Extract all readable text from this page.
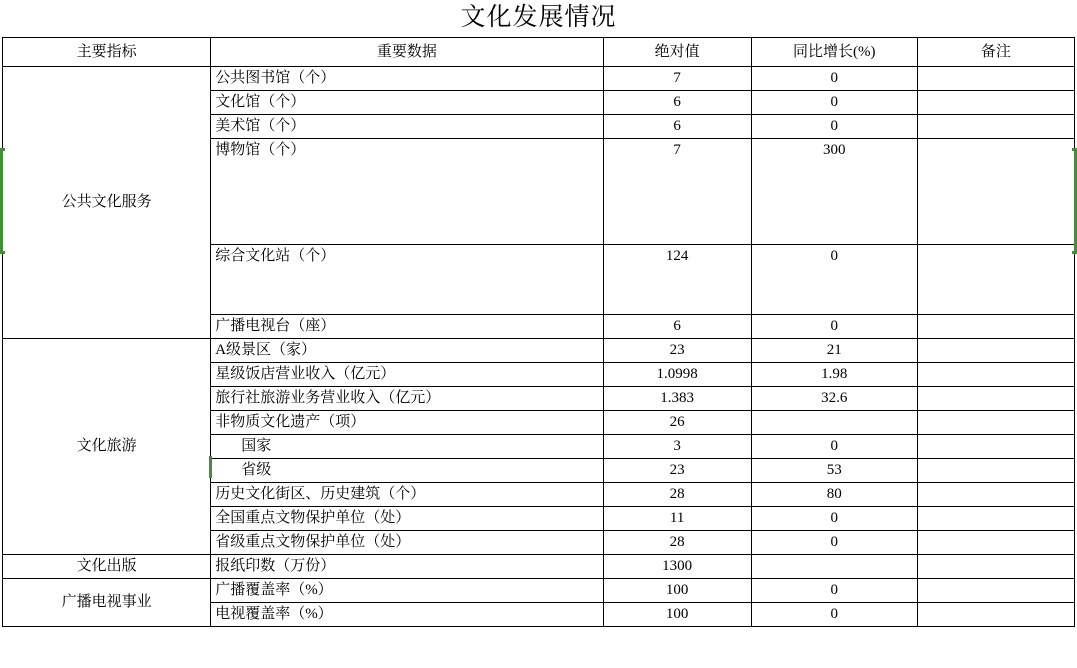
文化发展情况
主要指标	重要数据	绝对值	同比增长(%)	备注
公共文化服务	公共图书馆（个）	7	0	
	文化馆（个）	6	0	
	美术馆（个）	6	0	
	博物馆（个）	7	300	
	综合文化站（个）	124	0	
	广播电视台（座）	6	0	
文化旅游	A级景区（家）	23	21	
	星级饭店营业收入（亿元）	1.0998	1.98	
	旅行社旅游业务营业收入（亿元）	1.383	32.6	
	非物质文化遗产（项）	26		
	国家	3	0	
	省级	23	53	
	历史文化街区、历史建筑（个）	28	80	
	全国重点文物保护单位（处）	11	0	
	省级重点文物保护单位（处）	28	0	
文化出版	报纸印数（万份）	1300		
广播电视事业	广播覆盖率（%）	100	0	
	电视覆盖率（%）	100	0	
